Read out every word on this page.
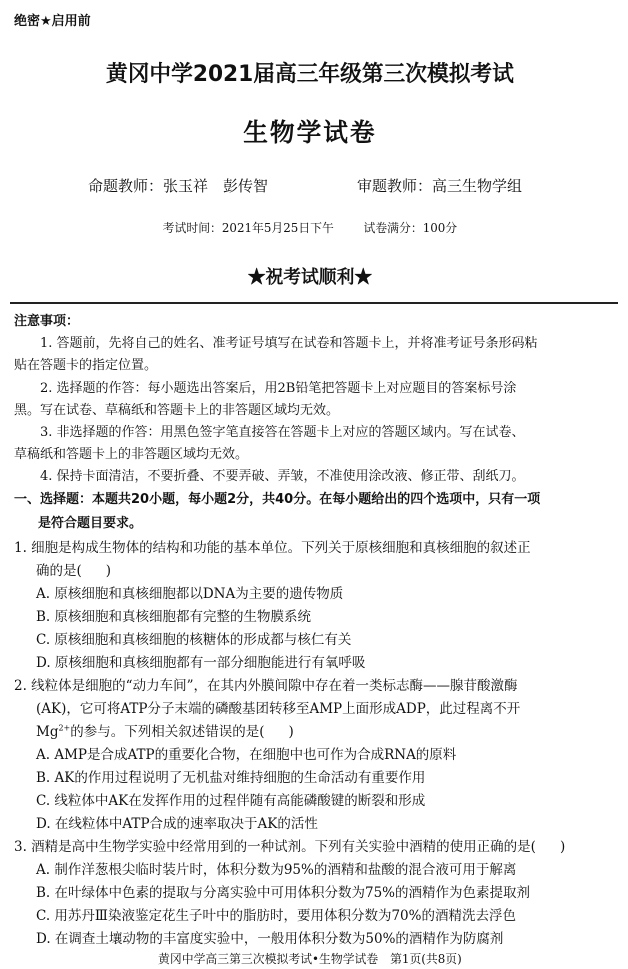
绝密★启用前
黄冈中学2021届高三年级第三次模拟考试
生物学试卷
命题教师：张玉祥　彭传智	审题教师：高三生物学组
考试时间：2021年5月25日下午 试卷满分：100分
★祝考试顺利★
注意事项：
1. 答题前，先将自己的姓名、准考证号填写在试卷和答题卡上，并将准考证号条形码粘
贴在答题卡的指定位置。
2. 选择题的作答：每小题选出答案后，用2B铅笔把答题卡上对应题目的答案标号涂
黑。写在试卷、草稿纸和答题卡上的非答题区域均无效。
3. 非选择题的作答：用黑色签字笔直接答在答题卡上对应的答题区域内。写在试卷、
草稿纸和答题卡上的非答题区域均无效。
4. 保持卡面清洁，不要折叠、不要弄破、弄皱，不准使用涂改液、修正带、刮纸刀。
一、选择题：本题共20小题，每小题2分，共40分。在每小题给出的四个选项中，只有一项
是符合题目要求。
1. 细胞是构成生物体的结构和功能的基本单位。下列关于原核细胞和真核细胞的叙述正
确的是( )
A. 原核细胞和真核细胞都以DNA为主要的遗传物质
B. 原核细胞和真核细胞都有完整的生物膜系统
C. 原核细胞和真核细胞的核糖体的形成都与核仁有关
D. 原核细胞和真核细胞都有一部分细胞能进行有氧呼吸
2. 线粒体是细胞的“动力车间”，在其内外膜间隙中存在着一类标志酶——腺苷酸激酶
(AK)，它可将ATP分子末端的磷酸基团转移至AMP上面形成ADP，此过程离不开
$Mg^{2+}$的参与。下列相关叙述错误的是( )
A. AMP是合成ATP的重要化合物，在细胞中也可作为合成RNA的原料
B. AK的作用过程说明了无机盐对维持细胞的生命活动有重要作用
C. 线粒体中AK在发挥作用的过程伴随有高能磷酸键的断裂和形成
D. 在线粒体中ATP合成的速率取决于AK的活性
3. 酒精是高中生物学实验中经常用到的一种试剂。下列有关实验中酒精的使用正确的是( )
A. 制作洋葱根尖临时装片时，体积分数为95%的酒精和盐酸的混合液可用于解离
B. 在叶绿体中色素的提取与分离实验中可用体积分数为75%的酒精作为色素提取剂
C. 用苏丹Ⅲ染液鉴定花生子叶中的脂肪时，要用体积分数为70%的酒精洗去浮色
D. 在调查土壤动物的丰富度实验中，一般用体积分数为50%的酒精作为防腐剂
黄冈中学高三第三次模拟考试•生物学试卷　第1页(共8页)
